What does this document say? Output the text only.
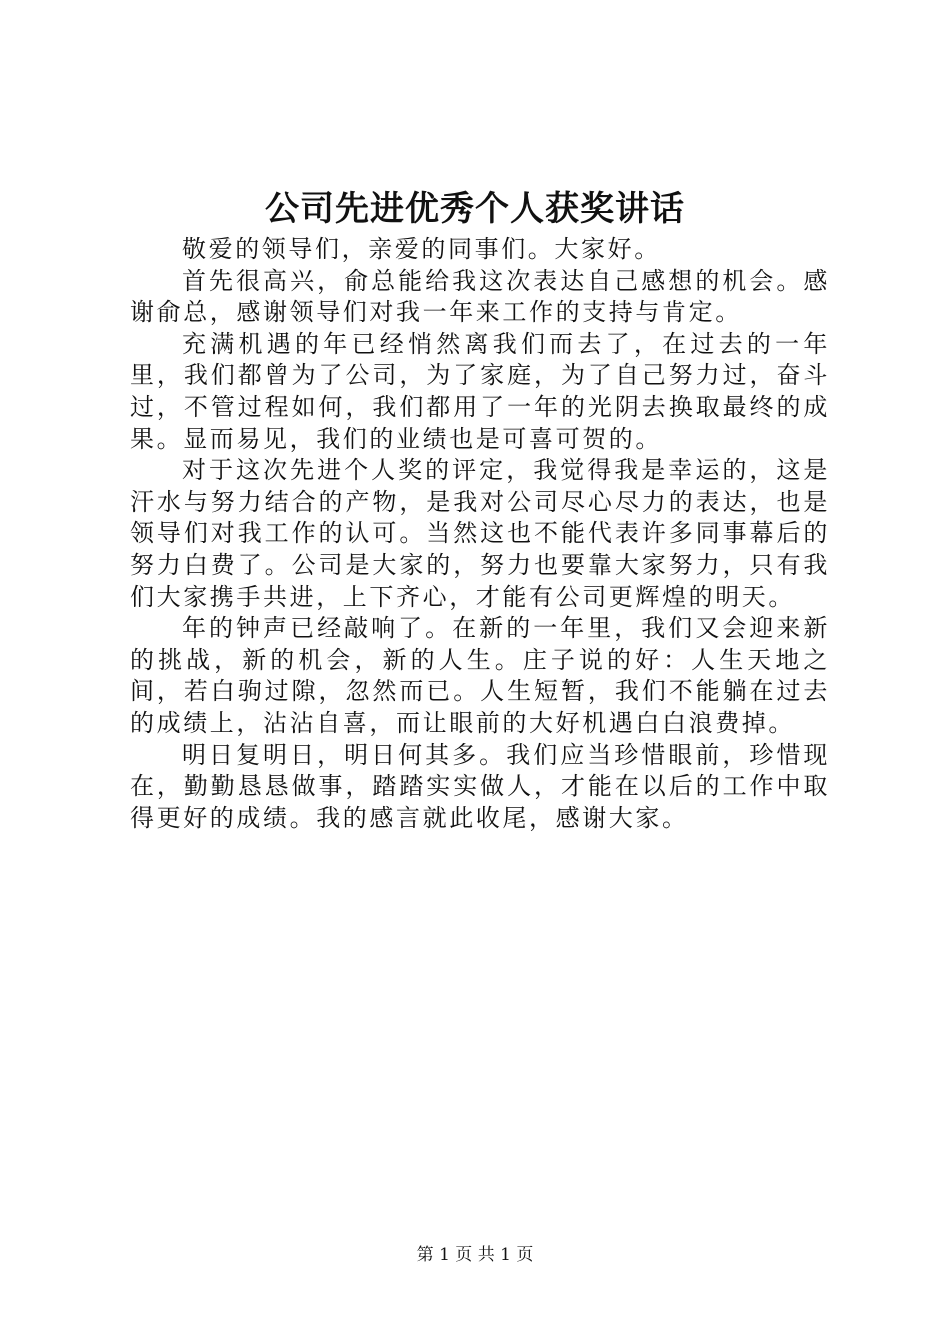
公司先进优秀个人获奖讲话

敬爱的领导们，亲爱的同事们。大家好。

首先很高兴，俞总能给我这次表达自己感想的机会。感谢俞总，感谢领导们对我一年来工作的支持与肯定。

充满机遇的年已经悄然离我们而去了，在过去的一年里，我们都曾为了公司，为了家庭，为了自己努力过，奋斗过，不管过程如何，我们都用了一年的光阴去换取最终的成果。显而易见，我们的业绩也是可喜可贺的。

对于这次先进个人奖的评定，我觉得我是幸运的，这是汗水与努力结合的产物，是我对公司尽心尽力的表达，也是领导们对我工作的认可。当然这也不能代表许多同事幕后的努力白费了。公司是大家的，努力也要靠大家努力，只有我们大家携手共进，上下齐心，才能有公司更辉煌的明天。

年的钟声已经敲响了。在新的一年里，我们又会迎来新的挑战，新的机会，新的人生。庄子说的好：人生天地之间，若白驹过隙，忽然而已。人生短暂，我们不能躺在过去的成绩上，沾沾自喜，而让眼前的大好机遇白白浪费掉。

明日复明日，明日何其多。我们应当珍惜眼前，珍惜现在，勤勤恳恳做事，踏踏实实做人，才能在以后的工作中取得更好的成绩。我的感言就此收尾，感谢大家。

第 1 页 共 1 页
